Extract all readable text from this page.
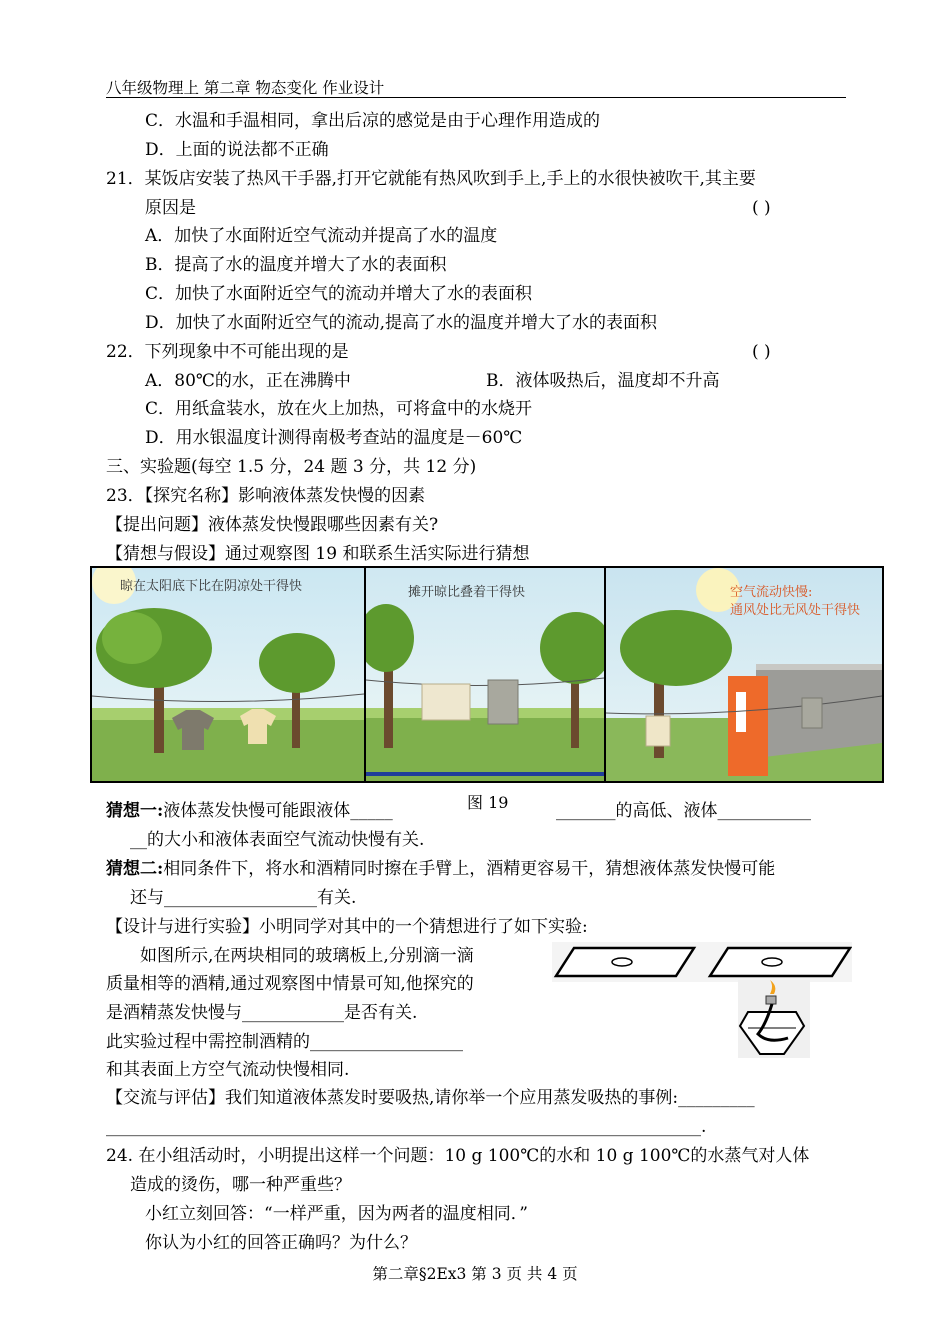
八年级物理上 第二章 物态变化 作业设计
C．水温和手温相同，拿出后凉的感觉是由于心理作用造成的
D．上面的说法都不正确
21．某饭店安装了热风干手器,打开它就能有热风吹到手上,手上的水很快被吹干,其主要
原因是	( )
A．加快了水面附近空气流动并提高了水的温度
B．提高了水的温度并增大了水的表面积
C．加快了水面附近空气的流动并增大了水的表面积
D．加快了水面附近空气的流动,提高了水的温度并增大了水的表面积
22．下列现象中不可能出现的是	( )
A．80℃的水，正在沸腾中	B．液体吸热后，温度却不升高
C．用纸盒装水，放在火上加热，可将盒中的水烧开
D．用水银温度计测得南极考查站的温度是－60℃
三、实验题(每空 1.5 分，24 题 3 分，共 12 分)
23．【探究名称】影响液体蒸发快慢的因素
【提出问题】液体蒸发快慢跟哪些因素有关?
【猜想与假设】通过观察图 19 和联系生活实际进行猜想
晾在太阳底下比在阴凉处干得快	摊开晾比叠着干得快	空气流动快慢:
通风处比无风处干得快
图 19
猜想一:液体蒸发快慢可能跟液体_____	_______的高低、液体___________
__的大小和液体表面空气流动快慢有关.
猜想二:相同条件下，将水和酒精同时擦在手臂上，酒精更容易干，猜想液体蒸发快慢可能
还与__________________有关.
【设计与进行实验】小明同学对其中的一个猜想进行了如下实验:
如图所示,在两块相同的玻璃板上,分别滴一滴
质量相等的酒精,通过观察图中情景可知,他探究的
是酒精蒸发快慢与____________是否有关.
此实验过程中需控制酒精的__________________
和其表面上方空气流动快慢相同.
【交流与评估】我们知道液体蒸发时要吸热,请你举一个应用蒸发吸热的事例:_________
______________________________________________________________________.
24. 在小组活动时，小明提出这样一个问题：10 g 100℃的水和 10 g 100℃的水蒸气对人体
造成的烫伤，哪一种严重些？
小红立刻回答：“一样严重，因为两者的温度相同．”
你认为小红的回答正确吗？为什么？
第二章§2Ex3 第 3 页 共 4 页
